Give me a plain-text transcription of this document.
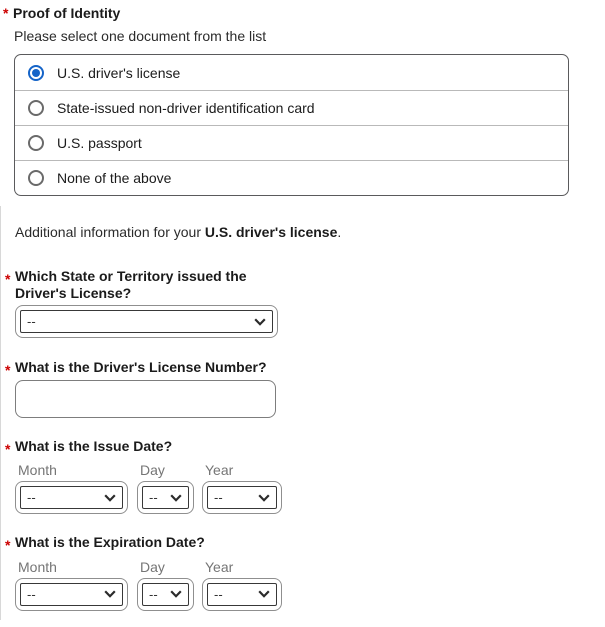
* Proof of Identity
Please select one document from the list
U.S. driver's license
State-issued non-driver identification card
U.S. passport
None of the above

Additional information for your U.S. driver's license.

* Which State or Territory issued the Driver's License?
--
* What is the Driver's License Number?
* What is the Issue Date?
Month
--
Day
--
Year
--
* What is the Expiration Date?
Month
--
Day
--
Year
--
